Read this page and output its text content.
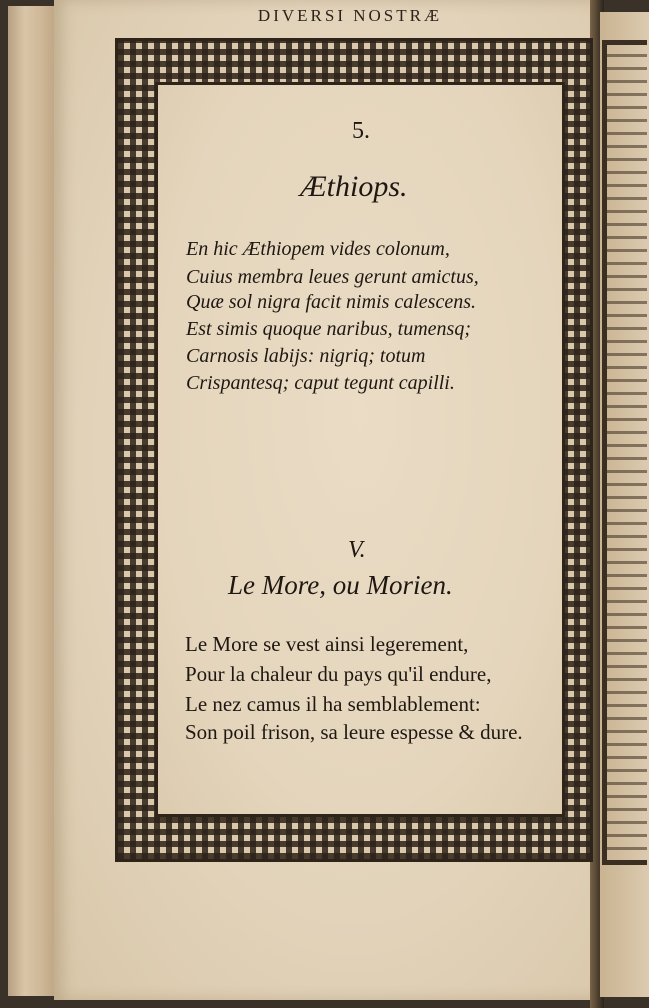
DIVERSI NOSTRÆ
5.
Æthiops.
En hic Æthiopem vides colonum,
Cuius membra leues gerunt amictus,
Quæ sol nigra facit nimis calescens.
Est simis quoque naribus, tumensq;
Carnosis labijs: nigriq; totum
Crispantesq; caput tegunt capilli.
V.
Le More, ou Morien.
Le More se vest ainsi legerement,
Pour la chaleur du pays qu'il endure,
Le nez camus il ha semblablement:
Son poil frison, sa leure espesse & dure.
